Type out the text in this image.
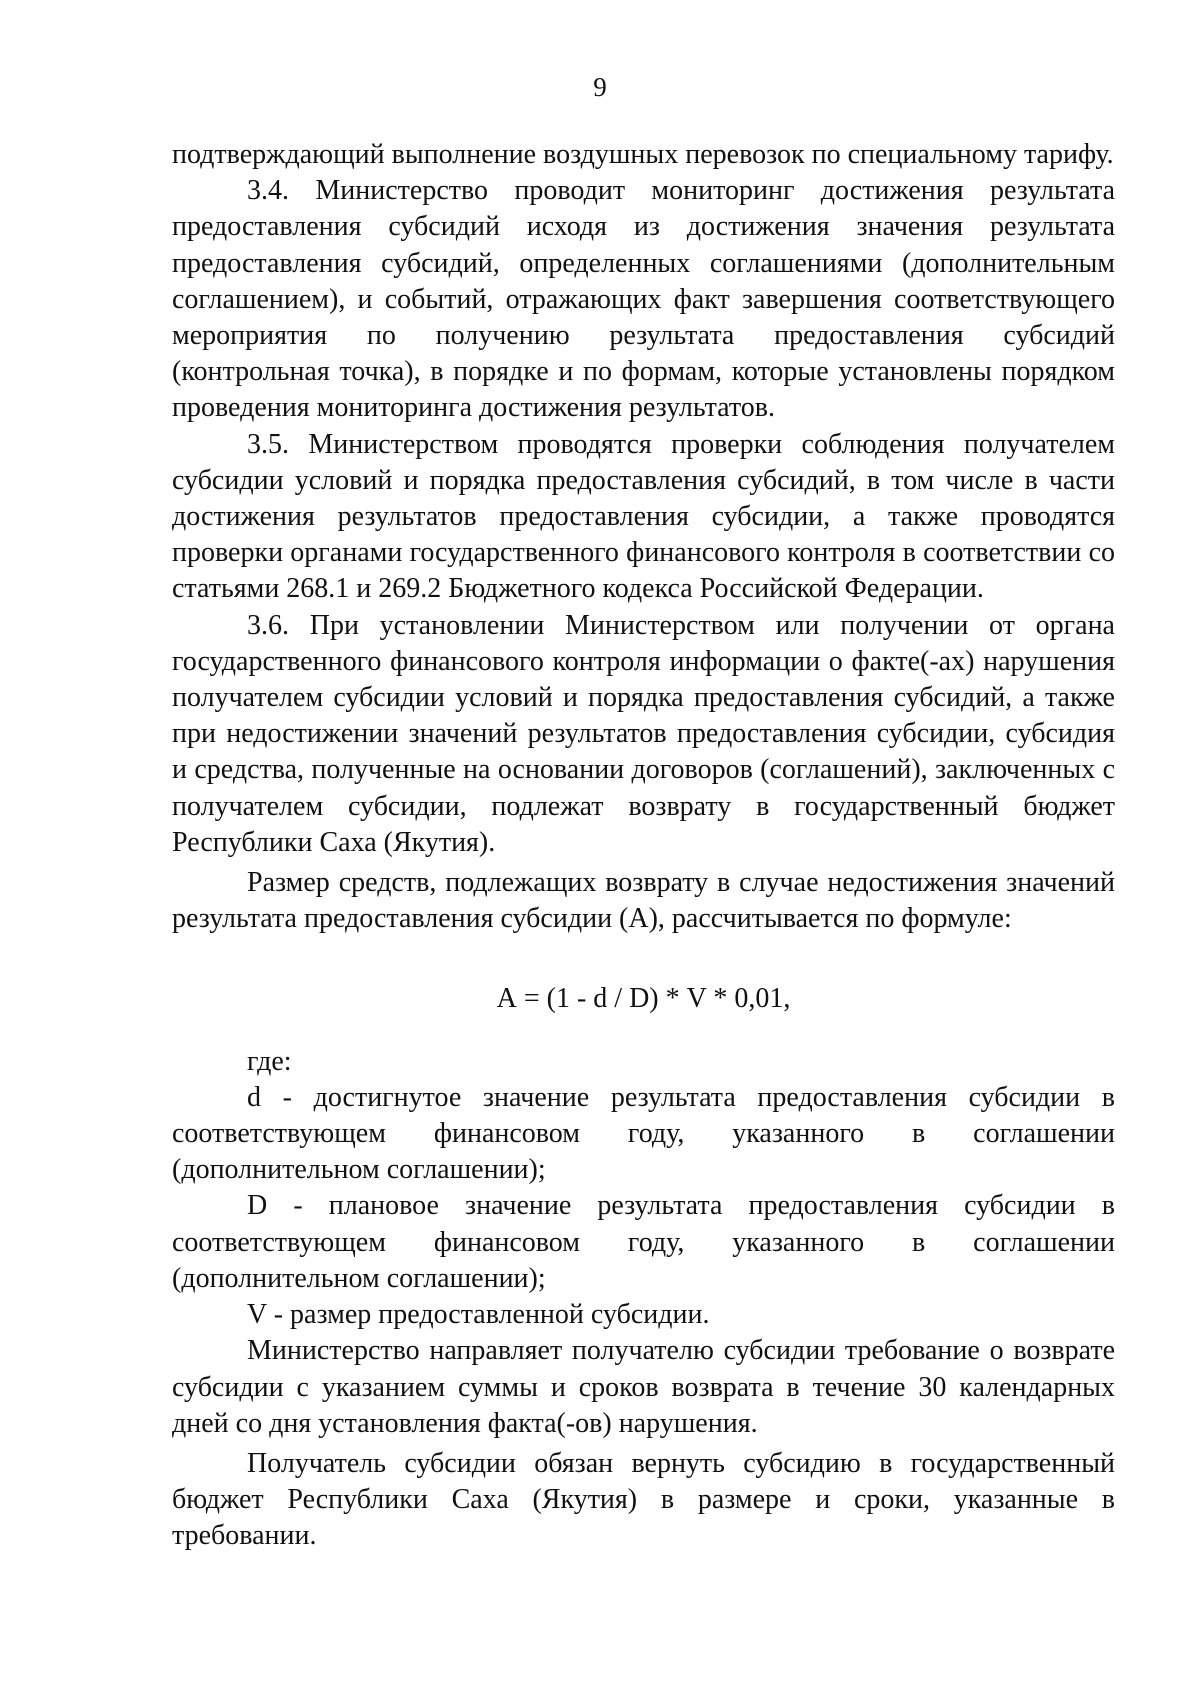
9

подтверждающий выполнение воздушных перевозок по специальному тарифу.

3.4. Министерство проводит мониторинг достижения результата предоставления субсидий исходя из достижения значения результата предоставления субсидий, определенных соглашениями (дополнительным соглашением), и событий, отражающих факт завершения соответствующего мероприятия по получению результата предоставления субсидий (контрольная точка), в порядке и по формам, которые установлены порядком проведения мониторинга достижения результатов.

3.5. Министерством проводятся проверки соблюдения получателем субсидии условий и порядка предоставления субсидий, в том числе в части достижения результатов предоставления субсидии, а также проводятся проверки органами государственного финансового контроля в соответствии со статьями 268.1 и 269.2 Бюджетного кодекса Российской Федерации.

3.6. При установлении Министерством или получении от органа государственного финансового контроля информации о факте(-ах) нарушения получателем субсидии условий и порядка предоставления субсидий, а также при недостижении значений результатов предоставления субсидии, субсидия и средства, полученные на основании договоров (соглашений), заключенных с получателем субсидии, подлежат возврату в государственный бюджет Республики Саха (Якутия).

Размер средств, подлежащих возврату в случае недостижения значений результата предоставления субсидии (А), рассчитывается по формуле:

А = (1 - d / D) * V * 0,01,

где:

d - достигнутое значение результата предоставления субсидии в соответствующем финансовом году, указанного в соглашении (дополнительном соглашении);

D - плановое значение результата предоставления субсидии в соответствующем финансовом году, указанного в соглашении (дополнительном соглашении);

V - размер предоставленной субсидии.

Министерство направляет получателю субсидии требование о возврате субсидии с указанием суммы и сроков возврата в течение 30 календарных дней со дня установления факта(-ов) нарушения.

Получатель субсидии обязан вернуть субсидию в государственный бюджет Республики Саха (Якутия) в размере и сроки, указанные в требовании.
